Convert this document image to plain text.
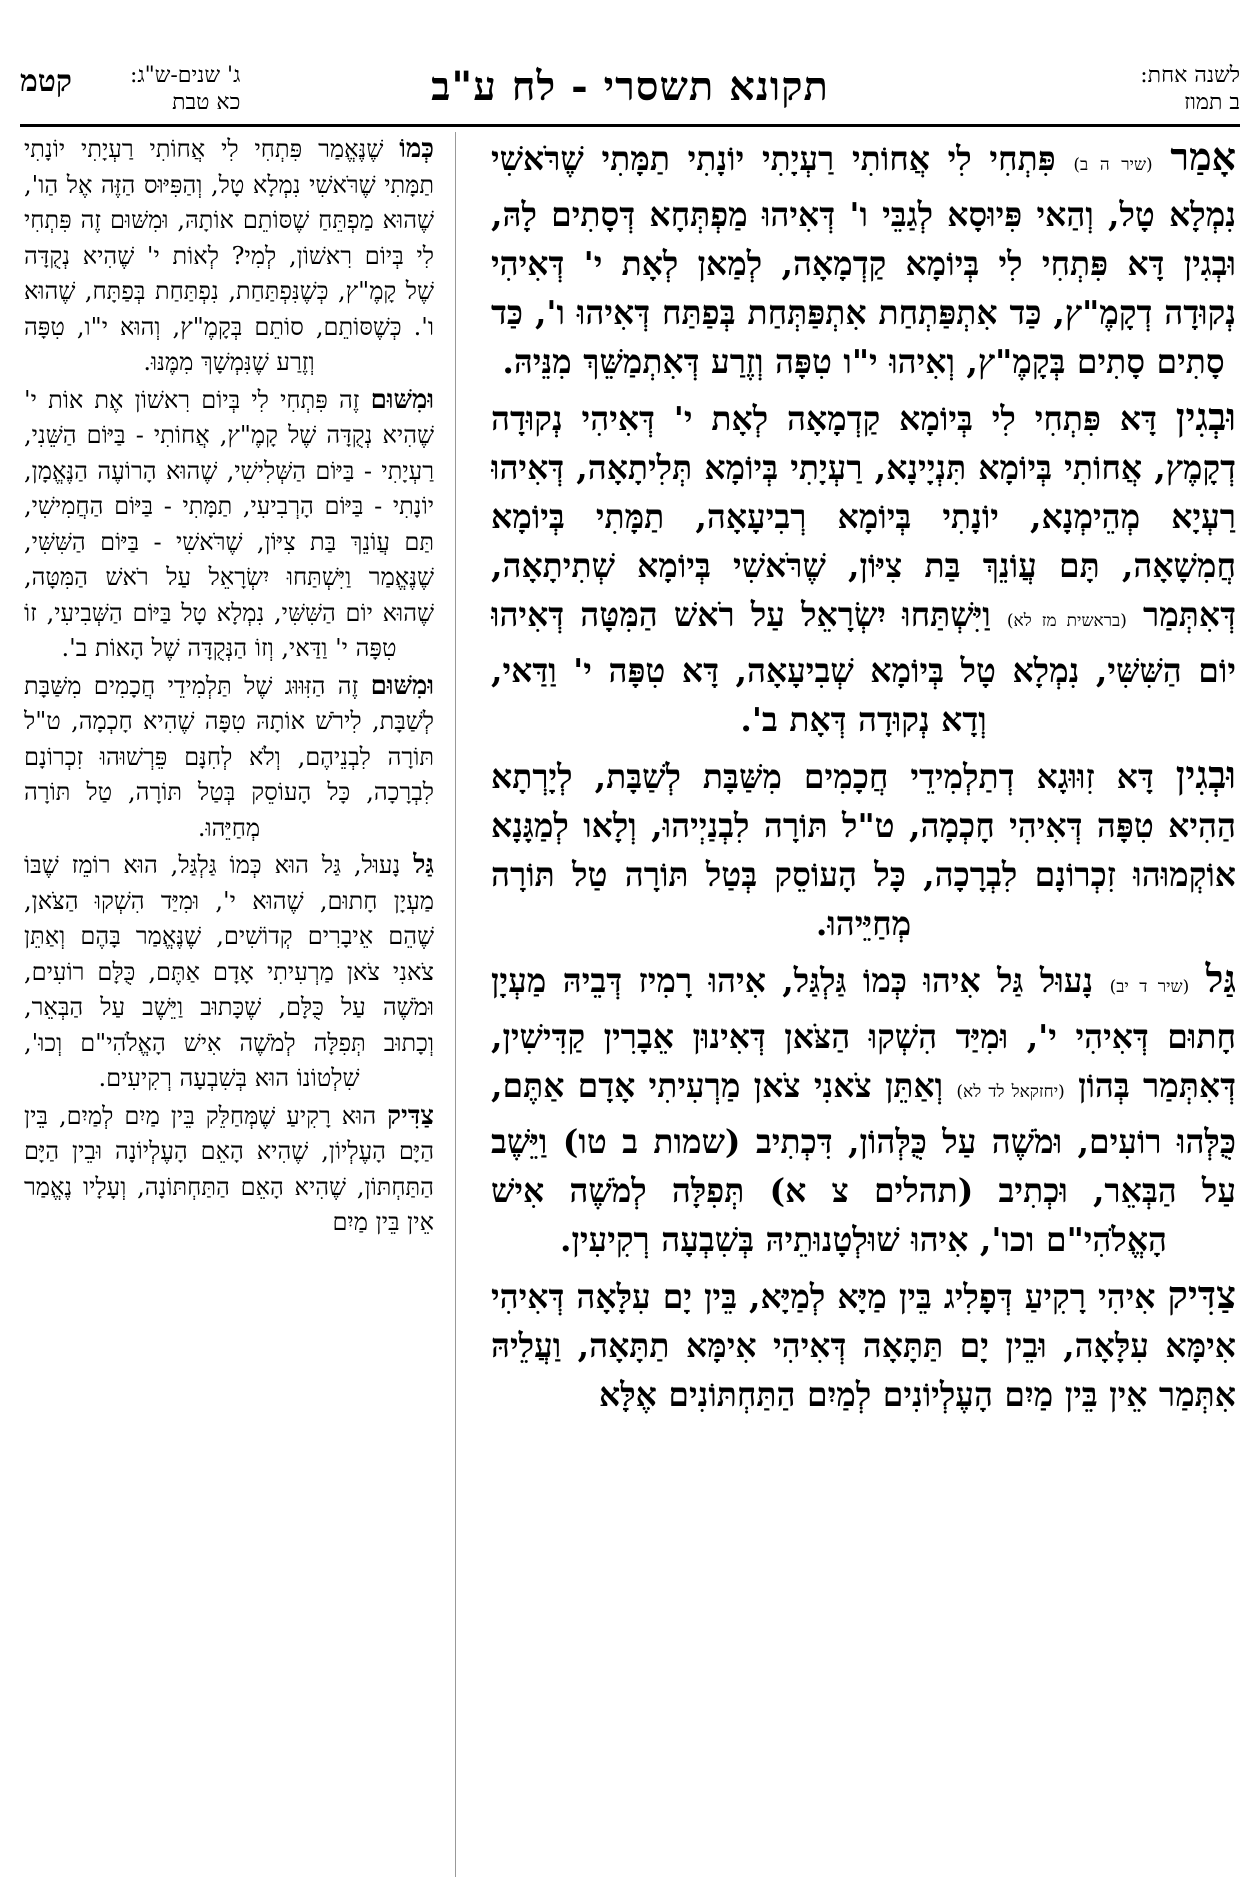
לשנה אחת:
ב תמוז
תקונא תשסרי - לח ע"ב
ג' שנים-ש"ג:
כא טבת
קטמ

אָמַר (שיר ה ב) פִּתְחִי לִי אֲחוֹתִי רַעְיָתִי יוֹנָתִי תַמָּתִי שֶׁרֹּאשִׁי נִמְלָא טָל, וְהַאי פִּיוּסָא לְגַבֵּי ו' דְּאִיהוּ מַפְתְּחָא דְּסָתִים לָהּ, וּבְגִין דָּא פִּתְחִי לִי בְּיוֹמָא קַדְמָאָה, לְמַאן לְאָת י' דְּאִיהִי נְקוּדָה דְקָמֶ"ץ, כַּד אִתְפַּתְחַת אִתְפַּתְּחַת בְּפַתַּח דְּאִיהוּ ו', כַּד סָתִים סָתִים בְּקָמֶ"ץ, וְאִיהוּ י"ו טִפָּה וְזֶרַע דְּאִתְמַשֵּׁךְ מִנֵּיהּ.

וּבְגִין דָּא פִּתְחִי לִי בְּיוֹמָא קַדְמָאָה לְאָת י' דְּאִיהִי נְקוּדָה דְקָמֶץ, אֲחוֹתִי בְּיוֹמָא תִּנְיָינָא, רַעְיָתִי בְּיוֹמָא תְּלִיתָאָה, דְּאִיהוּ רַעְיָא מְהֵימְנָא, יוֹנָתִי בְּיוֹמָא רְבִיעָאָה, תַמָּתִי בְּיוֹמָא חֲמִשָׁאָה, תָּם עֲוֹנֵךְ בַּת צִיּוֹן, שֶׁרֹּאשִׁי בְּיוֹמָא שְׁתִיתָאָה, דְּאִתְּמַר (בראשית מז לא) וַיִּשְׁתַּחוּ יִשְׂרָאֵל עַל רֹאשׁ הַמִּטָּה דְּאִיהוּ יוֹם הַשִּׁשִּׁי, נִמְלָא טָל בְּיוֹמָא שְׁבִיעָאָה, דָּא טִפָּה י' וַדַּאי, וְדָא נְקוּדָה דְּאָת ב'.

וּבְגִין דָּא זִוּוּגָא דְתַלְמִידֵי חֲכָמִים מִשַּׁבָּת לְשַׁבָּת, לְיָרְתָא הַהִיא טִפָּה דְּאִיהִי חָכְמָה, ט"ל תּוֹרָה לִבְנַיְיהוּ, וְלָאו לְמַגָּנָא אוֹקְמוּהוּ זִכְרוֹנָם לִבְרָכָה, כָּל הָעוֹסֵק בְּטַל תּוֹרָה טַל תּוֹרָה מְחַיֵּיהוּ.

גַּל (שיר ד יב) נָעוּל גַּל אִיהוּ כְּמוֹ גַּלְגַּל, אִיהוּ רָמִיז דְּבֵיהּ מַעְיָן חָתוּם דְּאִיהִי י', וּמִיַּד הִשְׁקוּ הַצֹּאן דְּאִינוּן אֵבָרִין קַדִּישִׁין, דְּאִתְּמַר בְּהוֹן (יחזקאל לד לא) וְאַתֵּן צֹאנִי צֹאן מַרְעִיתִי אָדָם אַתֶּם, כֻּלְּהוּ רוֹעִים, וּמֹשֶׁה עַל כֻּלְּהוֹן, דִּכְתִיב (שמות ב טו) וַיֵּשֶׁב עַל הַבְּאֵר, וּכְתִיב (תהלים צ א) תְּפִלָּה לְמֹשֶׁה אִישׁ הָאֱלֹהִי"ם וכו', אִיהוּ שׁוּלְטָנוּתֵיהּ בְּשִׁבְעָה רְקִיעִין.

צַדִּיק אִיהִי רָקִיעַ דְּפָלִיג בֵּין מַיָּא לְמַיָּא, בֵּין יָם עִלָּאָה דְּאִיהִי אִימָּא עִלָּאָה, וּבֵין יָם תַּתָּאָה דְּאִיהִי אִימָּא תַתָּאָה, וַעֲלֵיהּ אִתְּמַר אֵין בֵּין מַיִם הָעֶלְיוֹנִים לְמַיִם הַתַּחְתּוֹנִים אֶלָּא

כְּמוֹ שֶׁנֶּאֱמַר פִּתְחִי לִי אֲחוֹתִי רַעְיָתִי יוֹנָתִי תַמָּתִי שֶׁרֹּאשִׁי נִמְלָא טָל, וְהַפִּיּוּס הַזֶּה אֶל הַו', שֶׁהוּא מַפְתֵּחַ שֶׁסּוֹתֵם אוֹתָהּ, וּמִשּׁוּם זֶה פִּתְחִי לִי בְּיוֹם רִאשׁוֹן, לְמִי? לְאוֹת י' שֶׁהִיא נְקֻדָּה שֶׁל קָמֶ"ץ, כְּשֶׁנִּפְתַּחַת, נִפְתַּחַת בְּפַתָּח, שֶׁהוּא ו'. כְּשֶׁסּוֹתֵם, סוֹתֵם בְּקָמֶ"ץ, וְהוּא י"ו, טִפָּה וְזֶרַע שֶׁנִּמְשָׁךְ מִמֶּנּוּ.

וּמִשּׁוּם זֶה פִּתְחִי לִי בְּיוֹם רִאשׁוֹן אֶת אוֹת י' שֶׁהִיא נְקֻדָּה שֶׁל קָמֶ"ץ, אֲחוֹתִי - בַּיּוֹם הַשֵּׁנִי, רַעְיָתִי - בַּיּוֹם הַשְּׁלִישִׁי, שֶׁהוּא הָרוֹעֶה הַנֶּאֱמָן, יוֹנָתִי - בַּיּוֹם הָרְבִיעִי, תַמָּתִי - בַּיּוֹם הַחֲמִישִׁי, תַּם עֲוֹנֵךְ בַּת צִיּוֹן, שֶׁרֹּאשִׁי - בַּיּוֹם הַשִּׁשִּׁי, שֶׁנֶּאֱמַר וַיִּשְׁתַּחוּ יִשְׂרָאֵל עַל רֹאשׁ הַמִּטָּה, שֶׁהוּא יוֹם הַשִּׁשִּׁי, נִמְלָא טָל בַּיּוֹם הַשְּׁבִיעִי, זוֹ טִפָּה י' וַדַּאי, וְזוֹ הַנְּקֻדָּה שֶׁל הָאוֹת ב'.

וּמִשּׁוּם זֶה הַזִּוּוּג שֶׁל תַּלְמִידֵי חֲכָמִים מִשַּׁבָּת לְשַׁבָּת, לִירֹשׁ אוֹתָהּ טִפָּה שֶׁהִיא חָכְמָה, ט"ל תּוֹרָה לִבְנֵיהֶם, וְלֹא לְחִנָּם פֵּרְשׁוּהוּ זִכְרוֹנָם לִבְרָכָה, כָּל הָעוֹסֵק בְּטַל תּוֹרָה, טַל תּוֹרָה מְחַיֵּהוּ.

גַּל נָעוּל, גַּל הוּא כְּמוֹ גַּלְגַּל, הוּא רוֹמֵז שֶׁבּוֹ מַעְיָן חָתוּם, שֶׁהוּא י', וּמִיַּד הִשְׁקוּ הַצֹּאן, שֶׁהֵם אֵיבָרִים קְדוֹשִׁים, שֶׁנֶּאֱמַר בָּהֶם וְאַתֵּן צֹאנִי צֹאן מַרְעִיתִי אָדָם אַתֶּם, כֻּלָּם רוֹעִים, וּמֹשֶׁה עַל כֻּלָּם, שֶׁכָּתוּב וַיֵּשֶׁב עַל הַבְּאֵר, וְכָתוּב תְּפִלָּה לְמֹשֶׁה אִישׁ הָאֱלֹהִי"ם וְכוּ', שִׁלְטוֹנוֹ הוּא בְּשִׁבְעָה רְקִיעִים.

צַדִּיק הוּא רָקִיעַ שֶׁמְּחַלֵּק בֵּין מַיִם לְמַיִם, בֵּין הַיָּם הָעֶלְיוֹן, שֶׁהִיא הָאֵם הָעֶלְיוֹנָה וּבֵין הַיָּם הַתַּחְתּוֹן, שֶׁהִיא הָאֵם הַתַּחְתּוֹנָה, וְעָלָיו נֶאֱמַר אֵין בֵּין מַיִם
